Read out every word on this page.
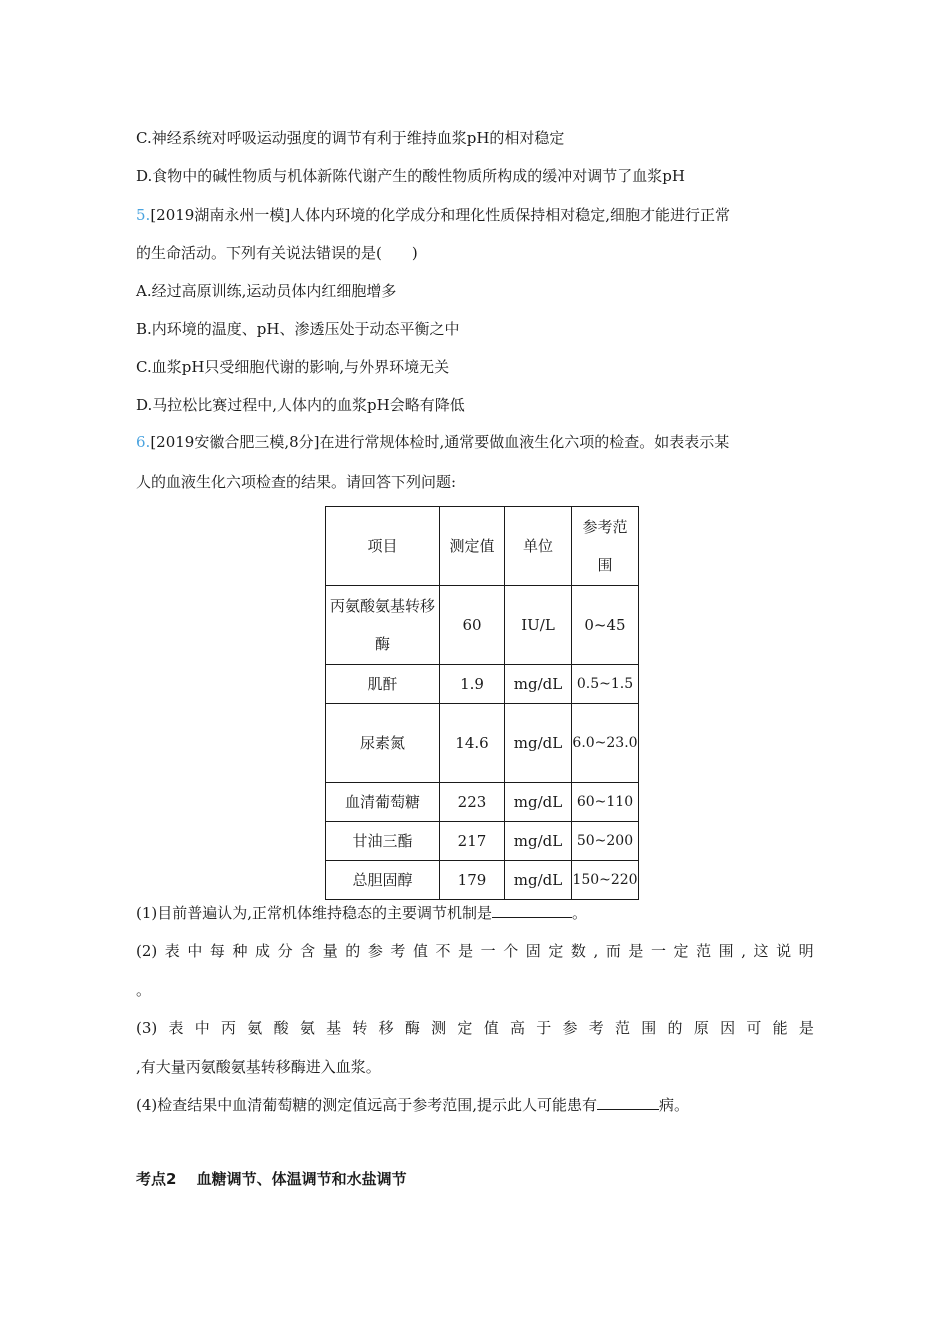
C.神经系统对呼吸运动强度的调节有利于维持血浆pH的相对稳定
D.食物中的碱性物质与机体新陈代谢产生的酸性物质所构成的缓冲对调节了血浆pH
5.[2019湖南永州一模]人体内环境的化学成分和理化性质保持相对稳定,细胞才能进行正常
的生命活动。下列有关说法错误的是(　　)
A.经过高原训练,运动员体内红细胞增多
B.内环境的温度、pH、渗透压处于动态平衡之中
C.血浆pH只受细胞代谢的影响,与外界环境无关
D.马拉松比赛过程中,人体内的血浆pH会略有降低
6.[2019安徽合肥三模,8分]在进行常规体检时,通常要做血液生化六项的检查。如表表示某
人的血液生化六项检查的结果。请回答下列问题:
项目	测定值	单位	参考范围
丙氨酸氨基转移酶	60	IU/L	0~45
肌酐	1.9	mg/dL	0.5~1.5
尿素氮	14.6	mg/dL	6.0~23.0
血清葡萄糖	223	mg/dL	60~110
甘油三酯	217	mg/dL	50~200
总胆固醇	179	mg/dL	150~220
(1)目前普遍认为,正常机体维持稳态的主要调节机制是	。
(2) 表 中 每 种 成 分 含 量 的 参 考 值 不 是 一 个 固 定 数 , 而 是 一 定 范 围 , 这 说 明
。
(3) 表 中 丙 氨 酸 氨 基 转 移 酶 测 定 值 高 于 参 考 范 围 的 原 因 可 能 是
,有大量丙氨酸氨基转移酶进入血浆。
(4)检查结果中血清葡萄糖的测定值远高于参考范围,提示此人可能患有	病。
考点2　 血糖调节、体温调节和水盐调节
